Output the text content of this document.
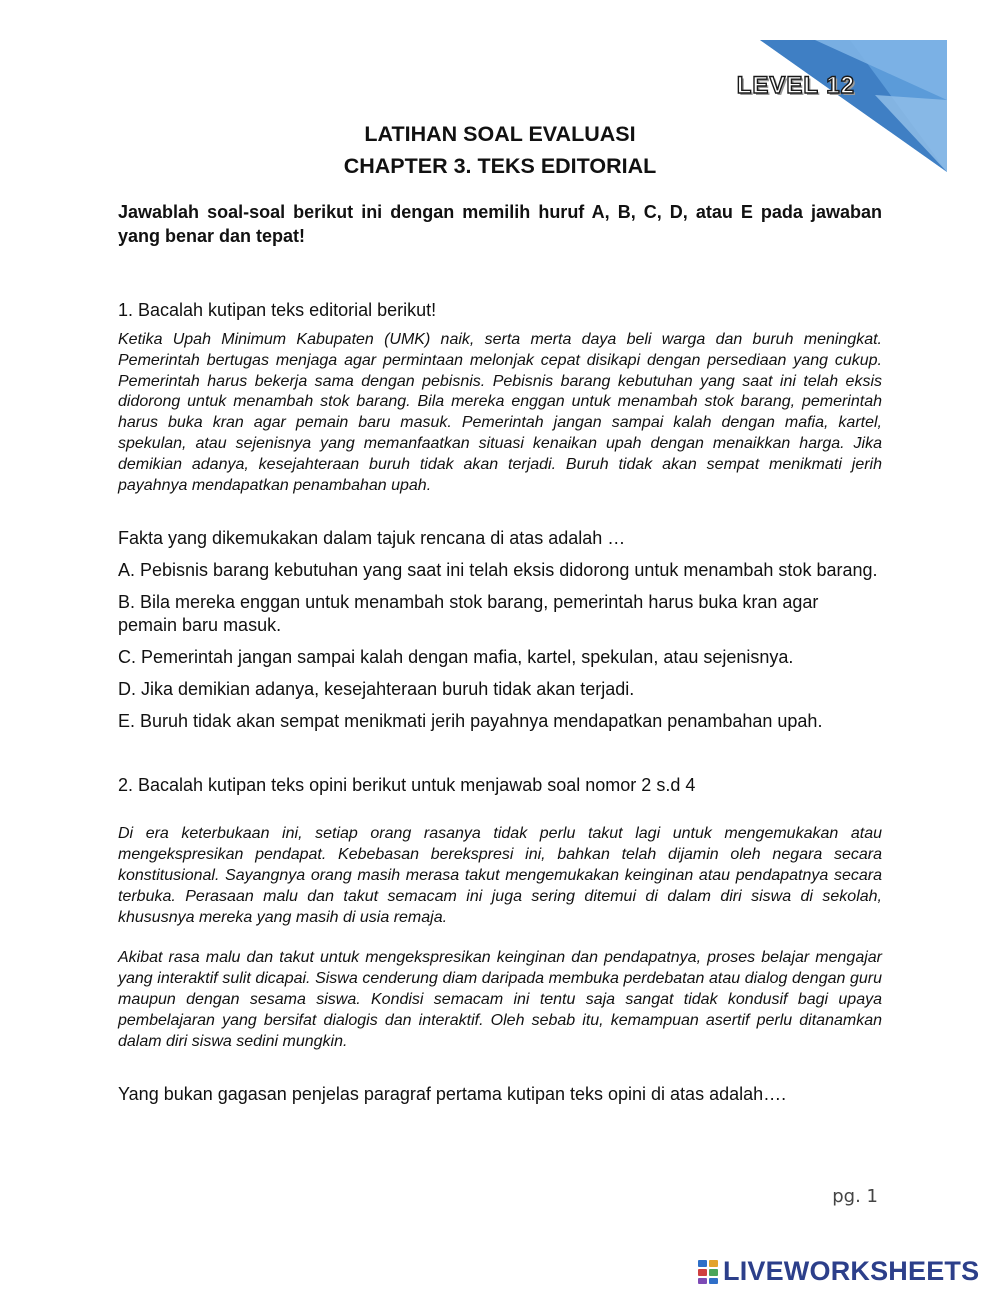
LEVEL 12
LATIHAN SOAL EVALUASI
CHAPTER 3. TEKS EDITORIAL

Jawablah soal-soal berikut ini dengan memilih huruf A, B, C, D, atau E pada jawaban yang benar dan tepat!

1. Bacalah kutipan teks editorial berikut!

Ketika Upah Minimum Kabupaten (UMK) naik, serta merta daya beli warga dan buruh meningkat. Pemerintah bertugas menjaga agar permintaan melonjak cepat disikapi dengan persediaan yang cukup. Pemerintah harus bekerja sama dengan pebisnis. Pebisnis barang kebutuhan yang saat ini telah eksis didorong untuk menambah stok barang. Bila mereka enggan untuk menambah stok barang, pemerintah harus buka kran agar pemain baru masuk. Pemerintah jangan sampai kalah dengan mafia, kartel, spekulan, atau sejenisnya yang memanfaatkan situasi kenaikan upah dengan menaikkan harga. Jika demikian adanya, kesejahteraan buruh tidak akan terjadi. Buruh tidak akan sempat menikmati jerih payahnya mendapatkan penambahan upah.

Fakta yang dikemukakan dalam tajuk rencana di atas adalah …

A. Pebisnis barang kebutuhan yang saat ini telah eksis didorong untuk menambah stok barang.

B. Bila mereka enggan untuk menambah stok barang, pemerintah harus buka kran agar pemain baru masuk.

C. Pemerintah jangan sampai kalah dengan mafia, kartel, spekulan, atau sejenisnya.

D. Jika demikian adanya, kesejahteraan buruh tidak akan terjadi.

E. Buruh tidak akan sempat menikmati jerih payahnya mendapatkan penambahan upah.

2. Bacalah kutipan teks opini berikut untuk menjawab soal nomor 2 s.d 4

Di era keterbukaan ini, setiap orang rasanya tidak perlu takut lagi untuk mengemukakan atau mengekspresikan pendapat. Kebebasan berekspresi ini, bahkan telah dijamin oleh negara secara konstitusional. Sayangnya orang masih merasa takut mengemukakan keinginan atau pendapatnya secara terbuka. Perasaan malu dan takut semacam ini juga sering ditemui di dalam diri siswa di sekolah, khususnya mereka yang masih di usia remaja.

Akibat rasa malu dan takut untuk mengekspresikan keinginan dan pendapatnya, proses belajar mengajar yang interaktif sulit dicapai. Siswa cenderung diam daripada membuka perdebatan atau dialog dengan guru maupun dengan sesama siswa. Kondisi semacam ini tentu saja sangat tidak kondusif bagi upaya pembelajaran yang bersifat dialogis dan interaktif. Oleh sebab itu, kemampuan asertif perlu ditanamkan dalam diri siswa sedini mungkin.

Yang bukan gagasan penjelas paragraf pertama kutipan teks opini di atas adalah….

pg. 1
LIVEWORKSHEETS
